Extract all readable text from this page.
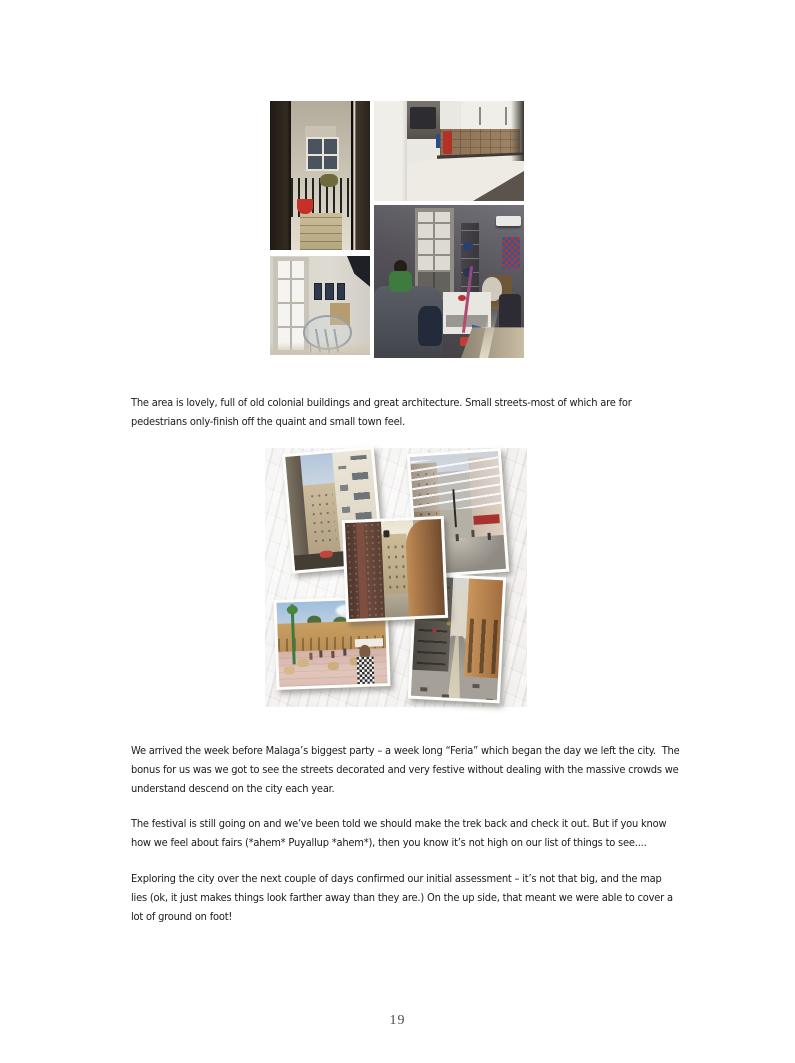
The area is lovely, full of old colonial buildings and great architecture. Small streets-most of which are for pedestrians only-finish off the quaint and small town feel.

We arrived the week before Malaga’s biggest party – a week long “Feria” which began the day we left the city.  The bonus for us was we got to see the streets decorated and very festive without dealing with the massive crowds we understand descend on the city each year.

The festival is still going on and we’ve been told we should make the trek back and check it out. But if you know how we feel about fairs (*ahem* Puyallup *ahem*), then you know it’s not high on our list of things to see....

Exploring the city over the next couple of days confirmed our initial assessment – it’s not that big, and the map lies (ok, it just makes things look farther away than they are.) On the up side, that meant we were able to cover a lot of ground on foot!

19
